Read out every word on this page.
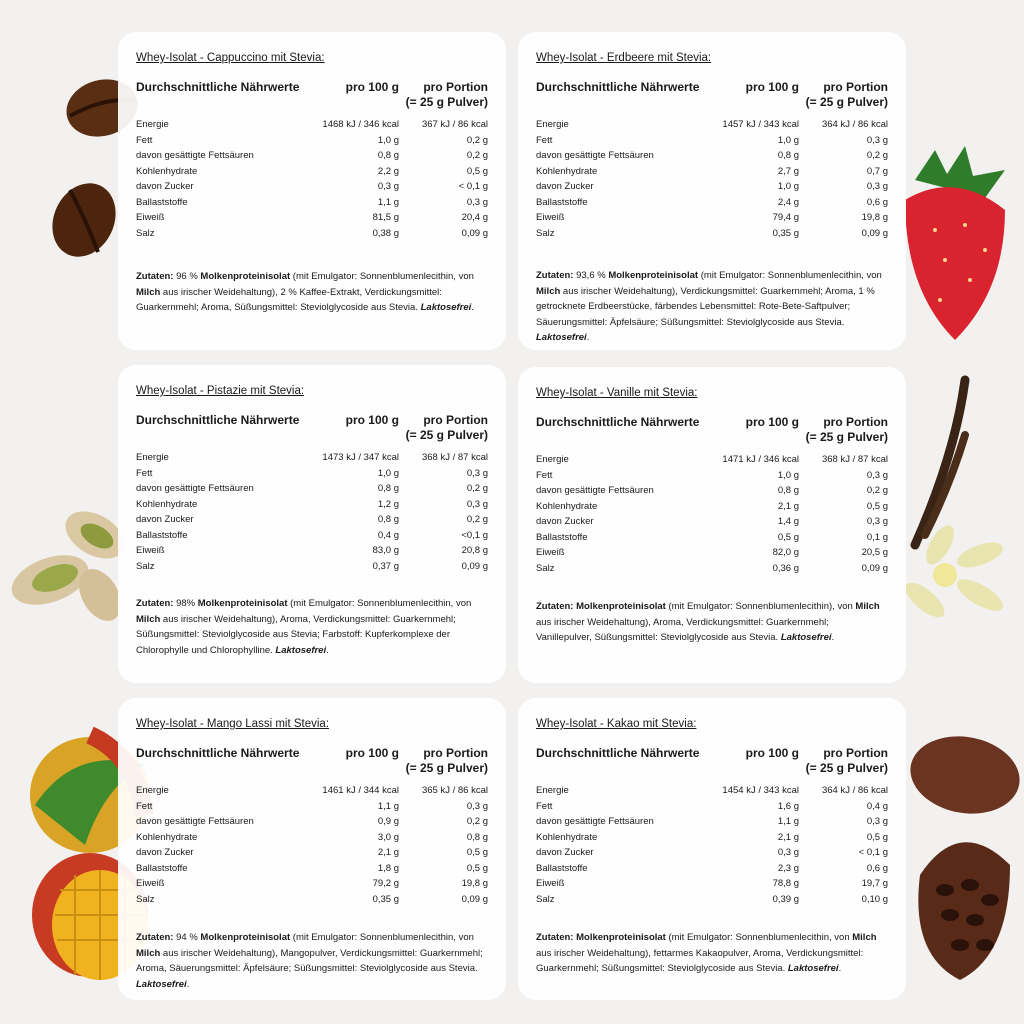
Whey-Isolat - Cappuccino mit Stevia:
Durchschnittliche Nährwerte	pro 100 g	pro Portion
(= 25 g Pulver)
Energie	1468 kJ / 346 kcal	367 kJ / 86 kcal
Fett	1,0 g	0,2 g
davon gesättigte Fettsäuren	0,8 g	0,2 g
Kohlenhydrate	2,2 g	0,5 g
davon Zucker	0,3 g	< 0,1 g
Ballaststoffe	1,1 g	0,3 g
Eiweiß	81,5 g	20,4 g
Salz	0,38 g	0,09 g
Zutaten: 96 % Molkenproteinisolat (mit Emulgator: Sonnenblumenlecithin, von Milch aus irischer Weidehaltung), 2 % Kaffee-Extrakt, Verdickungsmittel: Guarkernmehl; Aroma, Süßungsmittel: Steviolglycoside aus Stevia. Laktosefrei.
Whey-Isolat - Erdbeere mit Stevia:
Durchschnittliche Nährwerte	pro 100 g	pro Portion
(= 25 g Pulver)
Energie	1457 kJ / 343 kcal	364 kJ / 86 kcal
Fett	1,0 g	0,3 g
davon gesättigte Fettsäuren	0,8 g	0,2 g
Kohlenhydrate	2,7 g	0,7 g
davon Zucker	1,0 g	0,3 g
Ballaststoffe	2,4 g	0,6 g
Eiweiß	79,4 g	19,8 g
Salz	0,35 g	0,09 g
Zutaten: 93,6 % Molkenproteinisolat (mit Emulgator: Sonnenblumenlecithin, von Milch aus irischer Weidehaltung), Verdickungsmittel: Guarkernmehl; Aroma, 1 % getrocknete Erdbeerstücke, färbendes Lebensmittel: Rote-Bete-Saftpulver; Säuerungsmittel: Äpfelsäure; Süßungsmittel: Steviolglycoside aus Stevia. Laktosefrei.
Whey-Isolat - Pistazie mit Stevia:
Durchschnittliche Nährwerte	pro 100 g	pro Portion
(= 25 g Pulver)
Energie	1473 kJ / 347 kcal	368 kJ / 87 kcal
Fett	1,0 g	0,3 g
davon gesättigte Fettsäuren	0,8 g	0,2 g
Kohlenhydrate	1,2 g	0,3 g
davon Zucker	0,8 g	0,2 g
Ballaststoffe	0,4 g	<0,1 g
Eiweiß	83,0 g	20,8 g
Salz	0,37 g	0,09 g
Zutaten: 98% Molkenproteinisolat (mit Emulgator: Sonnenblumenlecithin, von Milch aus irischer Weidehaltung), Aroma, Verdickungsmittel: Guarkernmehl; Süßungsmittel: Steviolglycoside aus Stevia; Farbstoff: Kupferkomplexe der Chlorophylle und Chlorophylline. Laktosefrei.
Whey-Isolat - Vanille mit Stevia:
Durchschnittliche Nährwerte	pro 100 g	pro Portion
(= 25 g Pulver)
Energie	1471 kJ / 346 kcal	368 kJ / 87 kcal
Fett	1,0 g	0,3 g
davon gesättigte Fettsäuren	0,8 g	0,2 g
Kohlenhydrate	2,1 g	0,5 g
davon Zucker	1,4 g	0,3 g
Ballaststoffe	0,5 g	0,1 g
Eiweiß	82,0 g	20,5 g
Salz	0,36 g	0,09 g
Zutaten: Molkenproteinisolat (mit Emulgator: Sonnenblumenlecithin), von Milch aus irischer Weidehaltung), Aroma, Verdickungsmittel: Guarkernmehl; Vanillepulver, Süßungsmittel: Steviolglycoside aus Stevia. Laktosefrei.
Whey-Isolat - Mango Lassi mit Stevia:
Durchschnittliche Nährwerte	pro 100 g	pro Portion
(= 25 g Pulver)
Energie	1461 kJ / 344 kcal	365 kJ / 86 kcal
Fett	1,1 g	0,3 g
davon gesättigte Fettsäuren	0,9 g	0,2 g
Kohlenhydrate	3,0 g	0,8 g
davon Zucker	2,1 g	0,5 g
Ballaststoffe	1,8 g	0,5 g
Eiweiß	79,2 g	19,8 g
Salz	0,35 g	0,09 g
Zutaten: 94 % Molkenproteinisolat (mit Emulgator: Sonnenblumenlecithin, von Milch aus irischer Weidehaltung), Mangopulver, Verdickungsmittel: Guarkernmehl; Aroma, Säuerungsmittel: Äpfelsäure; Süßungsmittel: Steviolglycoside aus Stevia. Laktosefrei.
Whey-Isolat - Kakao mit Stevia:
Durchschnittliche Nährwerte	pro 100 g	pro Portion
(= 25 g Pulver)
Energie	1454 kJ / 343 kcal	364 kJ / 86 kcal
Fett	1,6 g	0,4 g
davon gesättigte Fettsäuren	1,1 g	0,3 g
Kohlenhydrate	2,1 g	0,5 g
davon Zucker	0,3 g	< 0,1 g
Ballaststoffe	2,3 g	0,6 g
Eiweiß	78,8 g	19,7 g
Salz	0,39 g	0,10 g
Zutaten: Molkenproteinisolat (mit Emulgator: Sonnenblumenlecithin, von Milch aus irischer Weidehaltung), fettarmes Kakaopulver, Aroma, Verdickungsmittel: Guarkernmehl; Süßungsmittel: Steviolglycoside aus Stevia. Laktosefrei.
